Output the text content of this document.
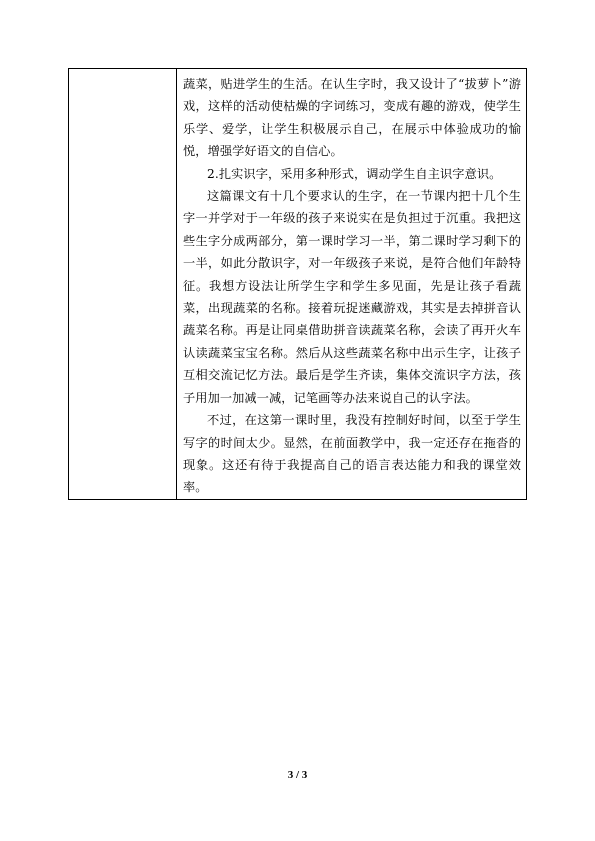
蔬菜，贴进学生的生活。在认生字时，我又设计了“拔萝卜”游戏，这样的活动使枯燥的字词练习，变成有趣的游戏，使学生乐学、爱学，让学生积极展示自己，在展示中体验成功的愉悦，增强学好语文的自信心。

2.扎实识字，采用多种形式，调动学生自主识字意识。

这篇课文有十几个要求认的生字，在一节课内把十几个生字一并学对于一年级的孩子来说实在是负担过于沉重。我把这些生字分成两部分，第一课时学习一半，第二课时学习剩下的一半，如此分散识字，对一年级孩子来说，是符合他们年龄特征。我想方设法让所学生字和学生多见面，先是让孩子看蔬菜，出现蔬菜的名称。接着玩捉迷藏游戏，其实是去掉拼音认蔬菜名称。再是让同桌借助拼音读蔬菜名称，会读了再开火车认读蔬菜宝宝名称。然后从这些蔬菜名称中出示生字，让孩子互相交流记忆方法。最后是学生齐读，集体交流识字方法，孩子用加一加减一减，记笔画等办法来说自己的认字法。

不过，在这第一课时里，我没有控制好时间，以至于学生写字的时间太少。显然，在前面教学中，我一定还存在拖沓的现象。这还有待于我提高自己的语言表达能力和我的课堂效率。

3 / 3
